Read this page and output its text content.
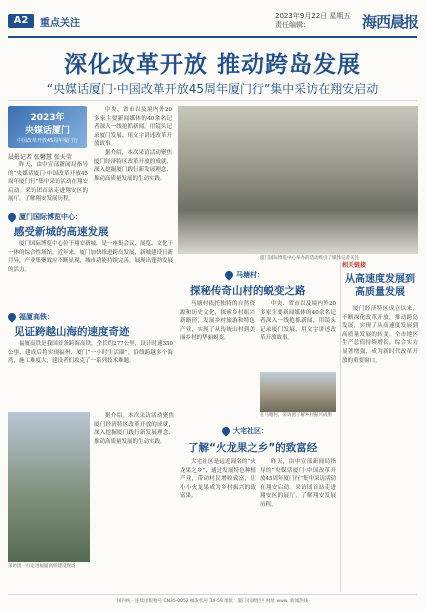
A2	重点关注
2023年9月22日 星期五
责任编辑：	海西晨报
深化改革开放 推动跨岛发展
“央媒话厦门·中国改革开放45周年厦门行”集中采访在翔安启动
2023年
央媒话厦门
中国改革开放45周年厦门行
晨报记者 张馨慧 张天莹

昨天，由中宣部新闻局指导的“央媒话厦门·中国改革开放45周年厦门行”集中采访活动在翔安启动。采访团首站走进翔安区的展厅，了解翔安发展历程。

中央、省市以及境内外20多家主要新闻媒体的40余名记者深入一线抢抓新闻，用镜头记录厦门发展、用文字讲述改革开放故事。

据介绍，本次采访活动聚焦厦门经济特区改革开放的成就，深入挖掘厦门践行新发展理念、推动高质量发展的生动实践。

厦门国际博览中心举办的活动吸引了媒体记者关注
厦门国际博览中心：
感受新城的高速发展

厦门国际博览中心位于翔安新城，是一座集会议、展览、文化于一体的综合性场馆。近年来，厦门加快推进跨岛发展，新城建设日新月异，产业集聚效应不断显现，城市功能持续完善，展现出蓬勃发展的活力。

福厦高铁：
见证跨越山海的速度奇迹

福厦高铁是我国首条跨海高铁，全长约277公里，设计时速350公里，建成后将实现福州、厦门“一小时生活圈”。沿线跨越多个海湾，施工难度大，建设者们攻克了一系列技术难题。

采访团一行走进福厦高铁建设现场

据介绍，本次采访活动聚焦厦门经济特区改革开放的成就，深入挖掘厦门践行新发展理念、推动高质量发展的生动实践。

马塘村：
探秘传奇山村的蜕变之路

马塘村依托独特的自然资源和历史文化，探索乡村振兴新路径，发展乡村旅游和特色产业，实现了从传统山村到美丽乡村的华丽蜕变。

中央、省市以及境内外20多家主要新闻媒体的40余名记者深入一线抢抓新闻，用镜头记录厦门发展、用文字讲述改革开放故事。

在马塘村，采访团了解乡村振兴成果
大宅社区：
了解“火龙果之乡”的致富经

大宅社区是远近闻名的“火龙果之乡”，通过发展特色种植产业，带动村民增收致富，让小小火龙果成为乡村振兴的致富果。

昨天，由中宣部新闻局指导的“央媒话厦门·中国改革开放45周年厦门行”集中采访活动在翔安启动。采访团首站走进翔安区的展厅，了解翔安发展历程。

相关链接
从高速度发展到高质量发展

厦门经济特区成立以来，不断深化改革开放，推动跨岛发展，实现了从高速度发展到高质量发展的转变。全市地区生产总值持续增长，综合实力显著增强，成为新时代改革开放的重要窗口。

国内统一连续出版物号 CN35-0052 邮发代号 34-59 地址：厦门市湖里区 网址 www. 新闻热线
